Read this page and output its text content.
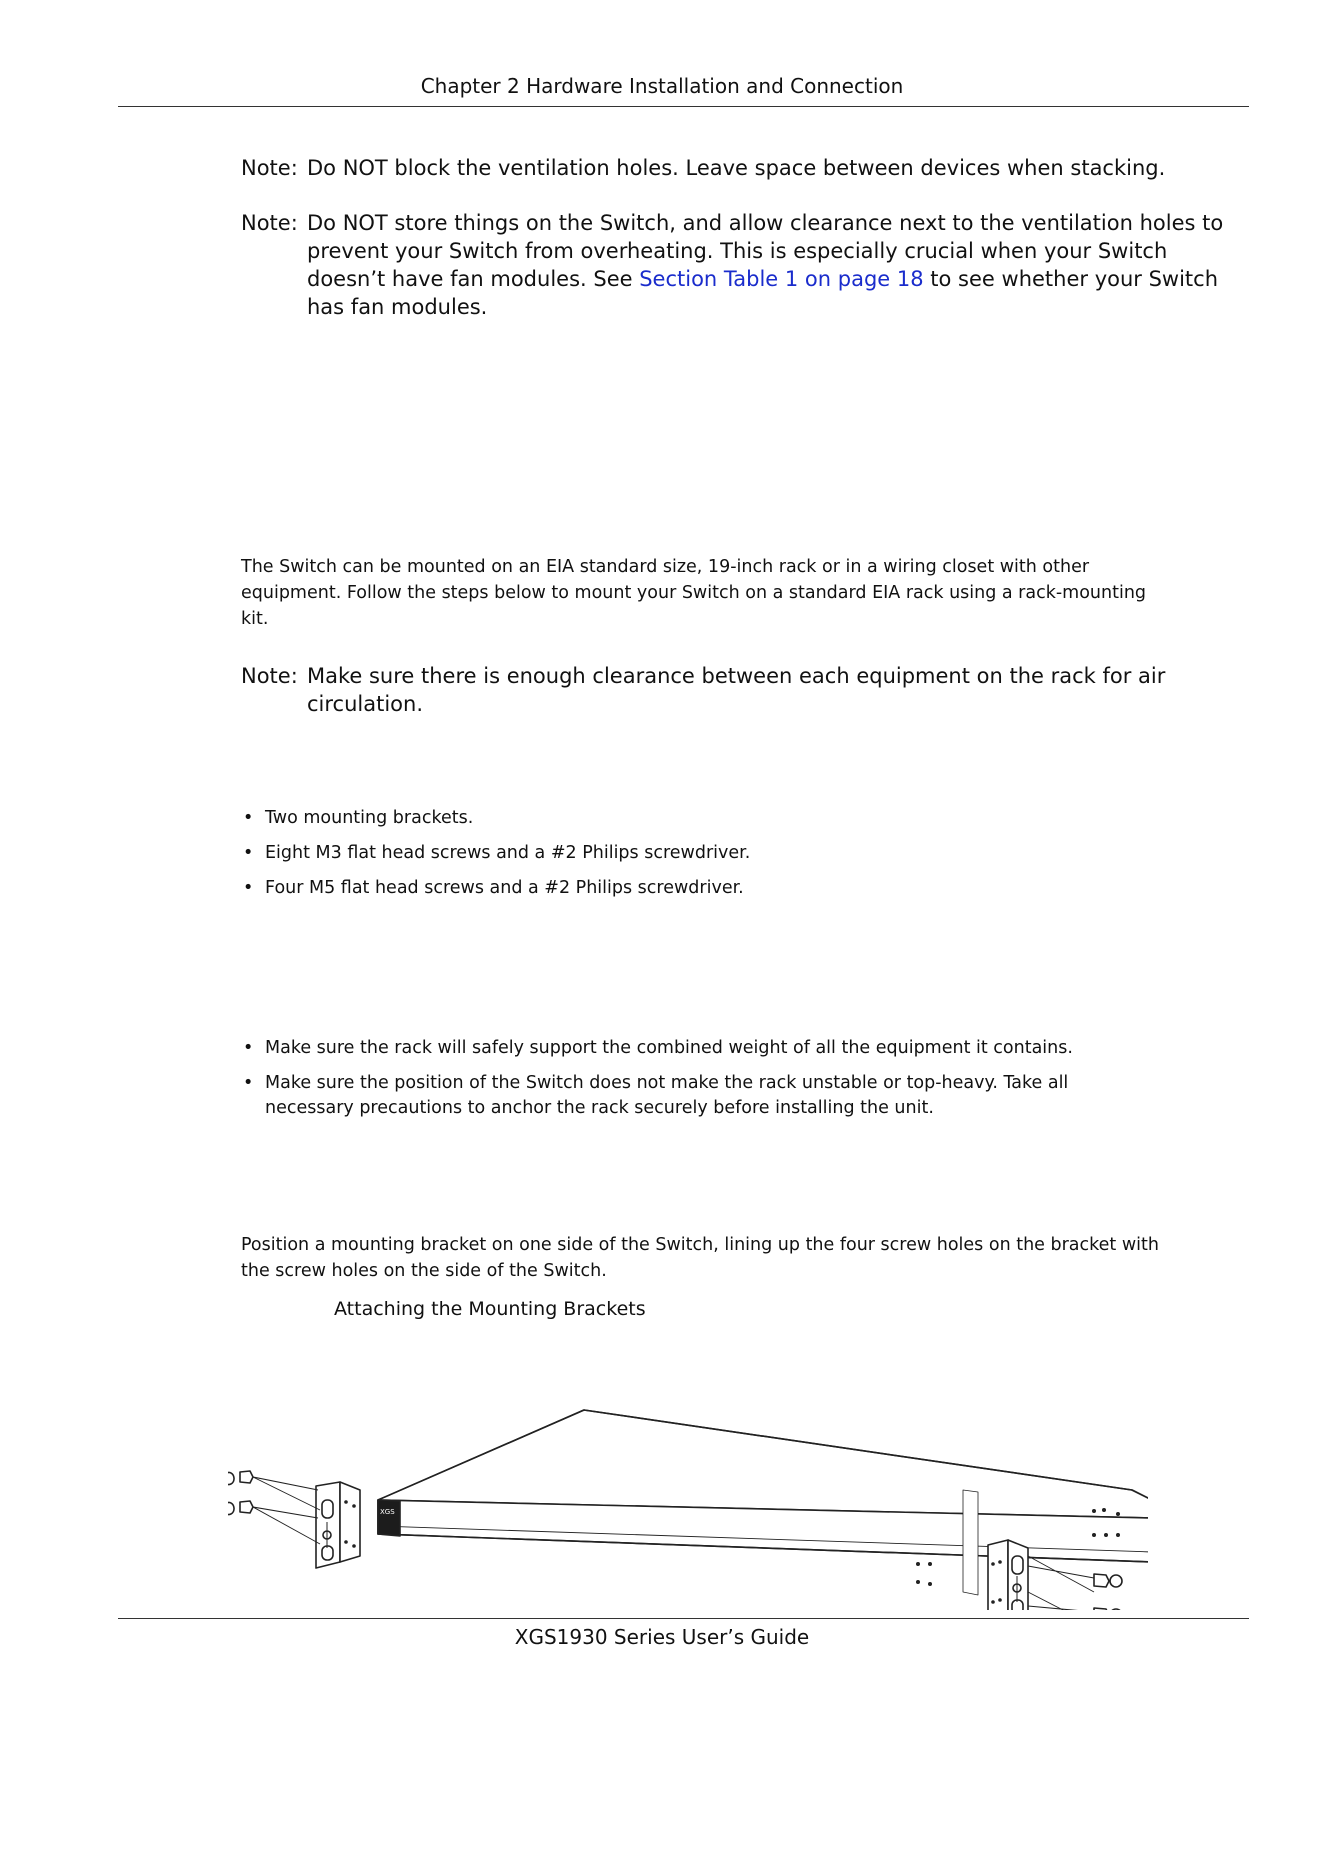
Chapter 2 Hardware Installation and Connection
Note: Do NOT block the ventilation holes. Leave space between devices when stacking.
Note: Do NOT store things on the Switch, and allow clearance next to the ventilation holes to
prevent your Switch from overheating. This is especially crucial when your Switch
doesn’t have fan modules. See Section Table 1 on page 18 to see whether your Switch
has fan modules.
The Switch can be mounted on an EIA standard size, 19-inch rack or in a wiring closet with other
equipment. Follow the steps below to mount your Switch on a standard EIA rack using a rack-mounting
kit.
Note: Make sure there is enough clearance between each equipment on the rack for air
circulation.
• Two mounting brackets.
• Eight M3 flat head screws and a #2 Philips screwdriver.
• Four M5 flat head screws and a #2 Philips screwdriver.
• Make sure the rack will safely support the combined weight of all the equipment it contains.
• Make sure the position of the Switch does not make the rack unstable or top-heavy. Take all
necessary precautions to anchor the rack securely before installing the unit.
Position a mounting bracket on one side of the Switch, lining up the four screw holes on the bracket with
the screw holes on the side of the Switch.
Attaching the Mounting Brackets
XGS
XGS1930 Series User’s Guide
